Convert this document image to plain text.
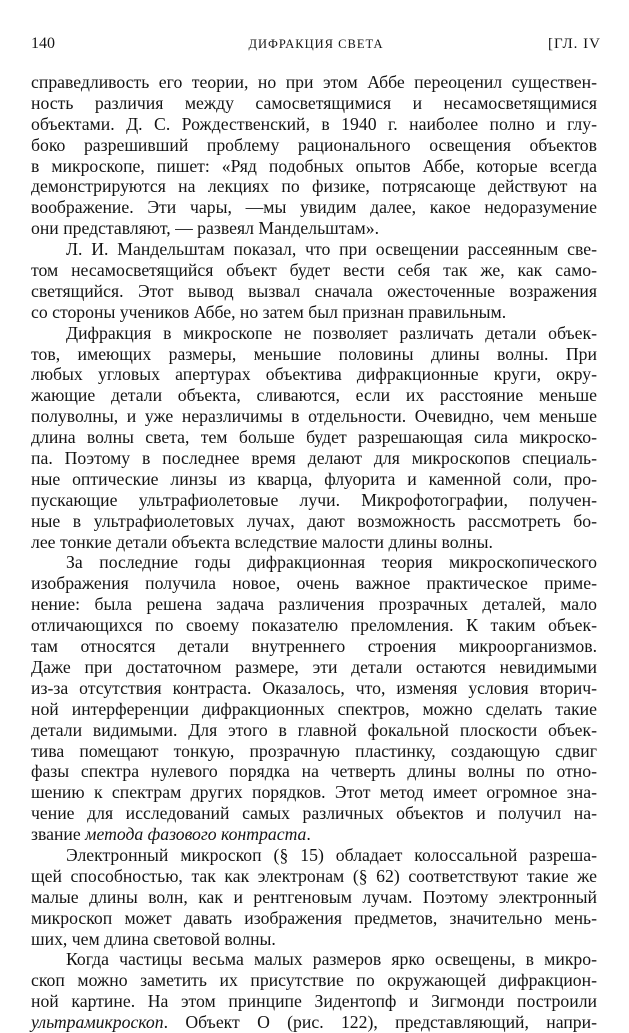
140	ДИФРАКЦИЯ СВЕТА	[ГЛ. IV
справедливость его теории, но при этом Аббе переоценил существен-
ность различия между самосветящимися и несамосветящимися
объектами. Д. С. Рождественский, в 1940 г. наиболее полно и глу-
боко разрешивший проблему рационального освещения объектов
в микроскопе, пишет: «Ряд подобных опытов Аббе, которые всегда
демонстрируются на лекциях по физике, потрясающе действуют на
воображение. Эти чары, —мы увидим далее, какое недоразумение
они представляют, — развеял Мандельштам».
Л. И. Мандельштам показал, что при освещении рассеянным све-
том несамосветящийся объект будет вести себя так же, как само-
светящийся. Этот вывод вызвал сначала ожесточенные возражения
со стороны учеников Аббе, но затем был признан правильным.
Дифракция в микроскопе не позволяет различать детали объек-
тов, имеющих размеры, меньшие половины длины волны. При
любых угловых апертурах объектива дифракционные круги, окру-
жающие детали объекта, сливаются, если их расстояние меньше
полуволны, и уже неразличимы в отдельности. Очевидно, чем меньше
длина волны света, тем больше будет разрешающая сила микроско-
па. Поэтому в последнее время делают для микроскопов специаль-
ные оптические линзы из кварца, флуорита и каменной соли, про-
пускающие ультрафиолетовые лучи. Микрофотографии, получен-
ные в ультрафиолетовых лучах, дают возможность рассмотреть бо-
лее тонкие детали объекта вследствие малости длины волны.
За последние годы дифракционная теория микроскопического
изображения получила новое, очень важное практическое приме-
нение: была решена задача различения прозрачных деталей, мало
отличающихся по своему показателю преломления. К таким объек-
там относятся детали внутреннего строения микроорганизмов.
Даже при достаточном размере, эти детали остаются невидимыми
из-за отсутствия контраста. Оказалось, что, изменяя условия вторич-
ной интерференции дифракционных спектров, можно сделать такие
детали видимыми. Для этого в главной фокальной плоскости объек-
тива помещают тонкую, прозрачную пластинку, создающую сдвиг
фазы спектра нулевого порядка на четверть длины волны по отно-
шению к спектрам других порядков. Этот метод имеет огромное зна-
чение для исследований самых различных объектов и получил на-
звание метода фазового контраста.
Электронный микроскоп (§ 15) обладает колоссальной разреша-
щей способностью, так как электронам (§ 62) соответствуют такие же
малые длины волн, как и рентгеновым лучам. Поэтому электронный
микроскоп может давать изображения предметов, значительно мень-
ших, чем длина световой волны.
Когда частицы весьма малых размеров ярко освещены, в микро-
скоп можно заметить их присутствие по окружающей дифракцион-
ной картине. На этом принципе Зидентопф и Зигмонди построили
ультрамикроскоп. Объект О (рис. 122), представляющий, напри-
